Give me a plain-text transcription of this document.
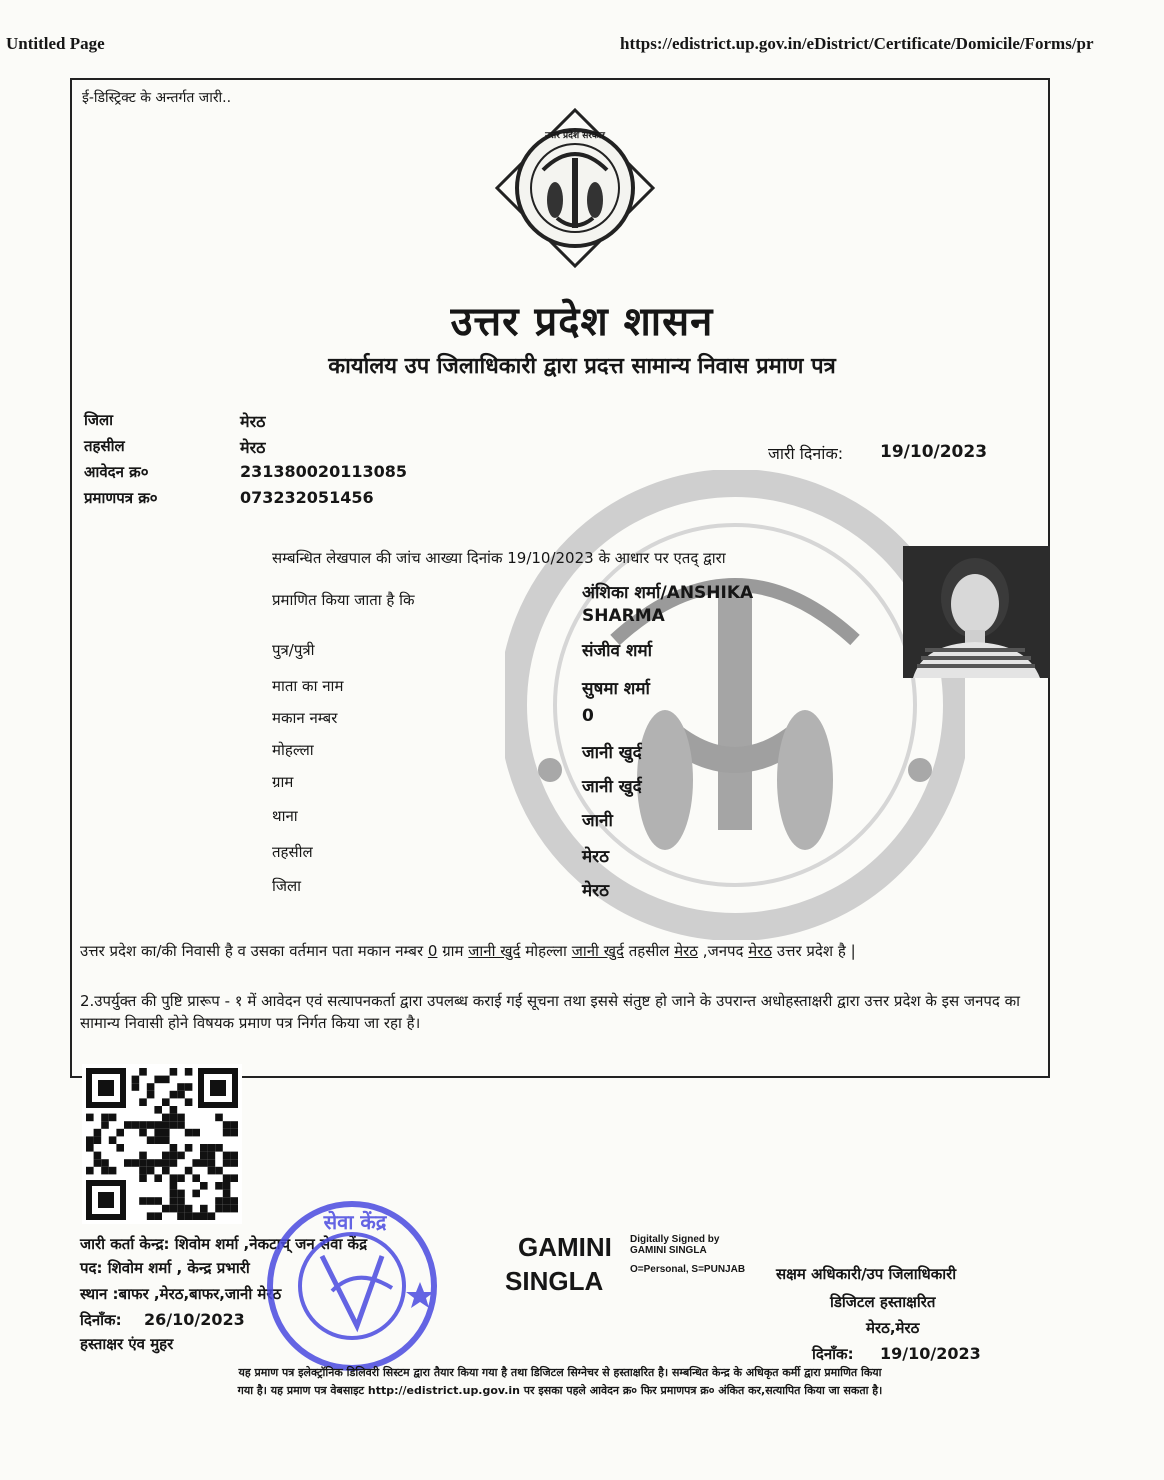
Untitled Page	https://edistrict.up.gov.in/eDistrict/Certificate/Domicile/Forms/pr
ई-डिस्ट्रिक्ट के अन्तर्गत जारी..
उत्तर प्रदेश सरकार
उत्तर प्रदेश शासन
कार्यालय उप जिलाधिकारी द्वारा प्रदत्त सामान्य निवास प्रमाण पत्र
जिला	मेरठ
तहसील	मेरठ
आवेदन क्र०	231380020113085
प्रमाणपत्र क्र०	073232051456
जारी दिनांक: 19/10/2023
सम्बन्धित लेखपाल की जांच आख्या दिनांक 19/10/2023 के आधार पर एतद् द्वारा
प्रमाणित किया जाता है कि	अंशिका शर्मा/ANSHIKA
SHARMA
पुत्र/पुत्री	संजीव शर्मा
माता का नाम	सुषमा शर्मा
मकान नम्बर	0
मोहल्ला	जानी खुर्द
ग्राम	जानी खुर्द
थाना	जानी
तहसील	मेरठ
जिला	मेरठ
उत्तर प्रदेश का/की निवासी है व उसका वर्तमान पता मकान नम्बर 0 ग्राम जानी खुर्द मोहल्ला जानी खुर्द तहसील मेरठ ,जनपद मेरठ उत्तर प्रदेश है |
2.उपर्युक्त की पुष्टि प्रारूप - १ में आवेदन एवं सत्यापनकर्ता द्वारा उपलब्ध कराई गई सूचना तथा इससे संतुष्ट हो जाने के उपरान्त अधोहस्ताक्षरी द्वारा उत्तर प्रदेश के इस जनपद का सामान्य निवासी होने विषयक प्रमाण पत्र निर्गत किया जा रहा है।
जारी कर्ता केन्द्र: शिवोम शर्मा ,नेकटाच् जन सेवा केंद्र
पद: शिवोम शर्मा , केन्द्र प्रभारी
स्थान :बाफर ,मेरठ,बाफर,जानी मेरठ
दिनाँक: 26/10/2023
हस्ताक्षर एंव मुहर
सेवा केंद्र
GAMINI
SINGLA
Digitally Signed by
GAMINI SINGLA
O=Personal, S=PUNJAB सक्षम अधिकारी/उप जिलाधिकारी
डिजिटल हस्ताक्षरित
मेरठ,मेरठ
दिनाँक: 19/10/2023
यह प्रमाण पत्र इलेक्ट्रॉनिक डिलिवरी सिस्टम द्वारा तैयार किया गया है तथा डिजिटल सिग्नेचर से हस्ताक्षरित है। सम्बन्धित केन्द्र के अधिकृत कर्मी द्वारा प्रमाणित किया
गया है। यह प्रमाण पत्र वेबसाइट http://edistrict.up.gov.in पर इसका पहले आवेदन क्र० फिर प्रमाणपत्र क्र० अंकित कर,सत्यापित किया जा सकता है।
